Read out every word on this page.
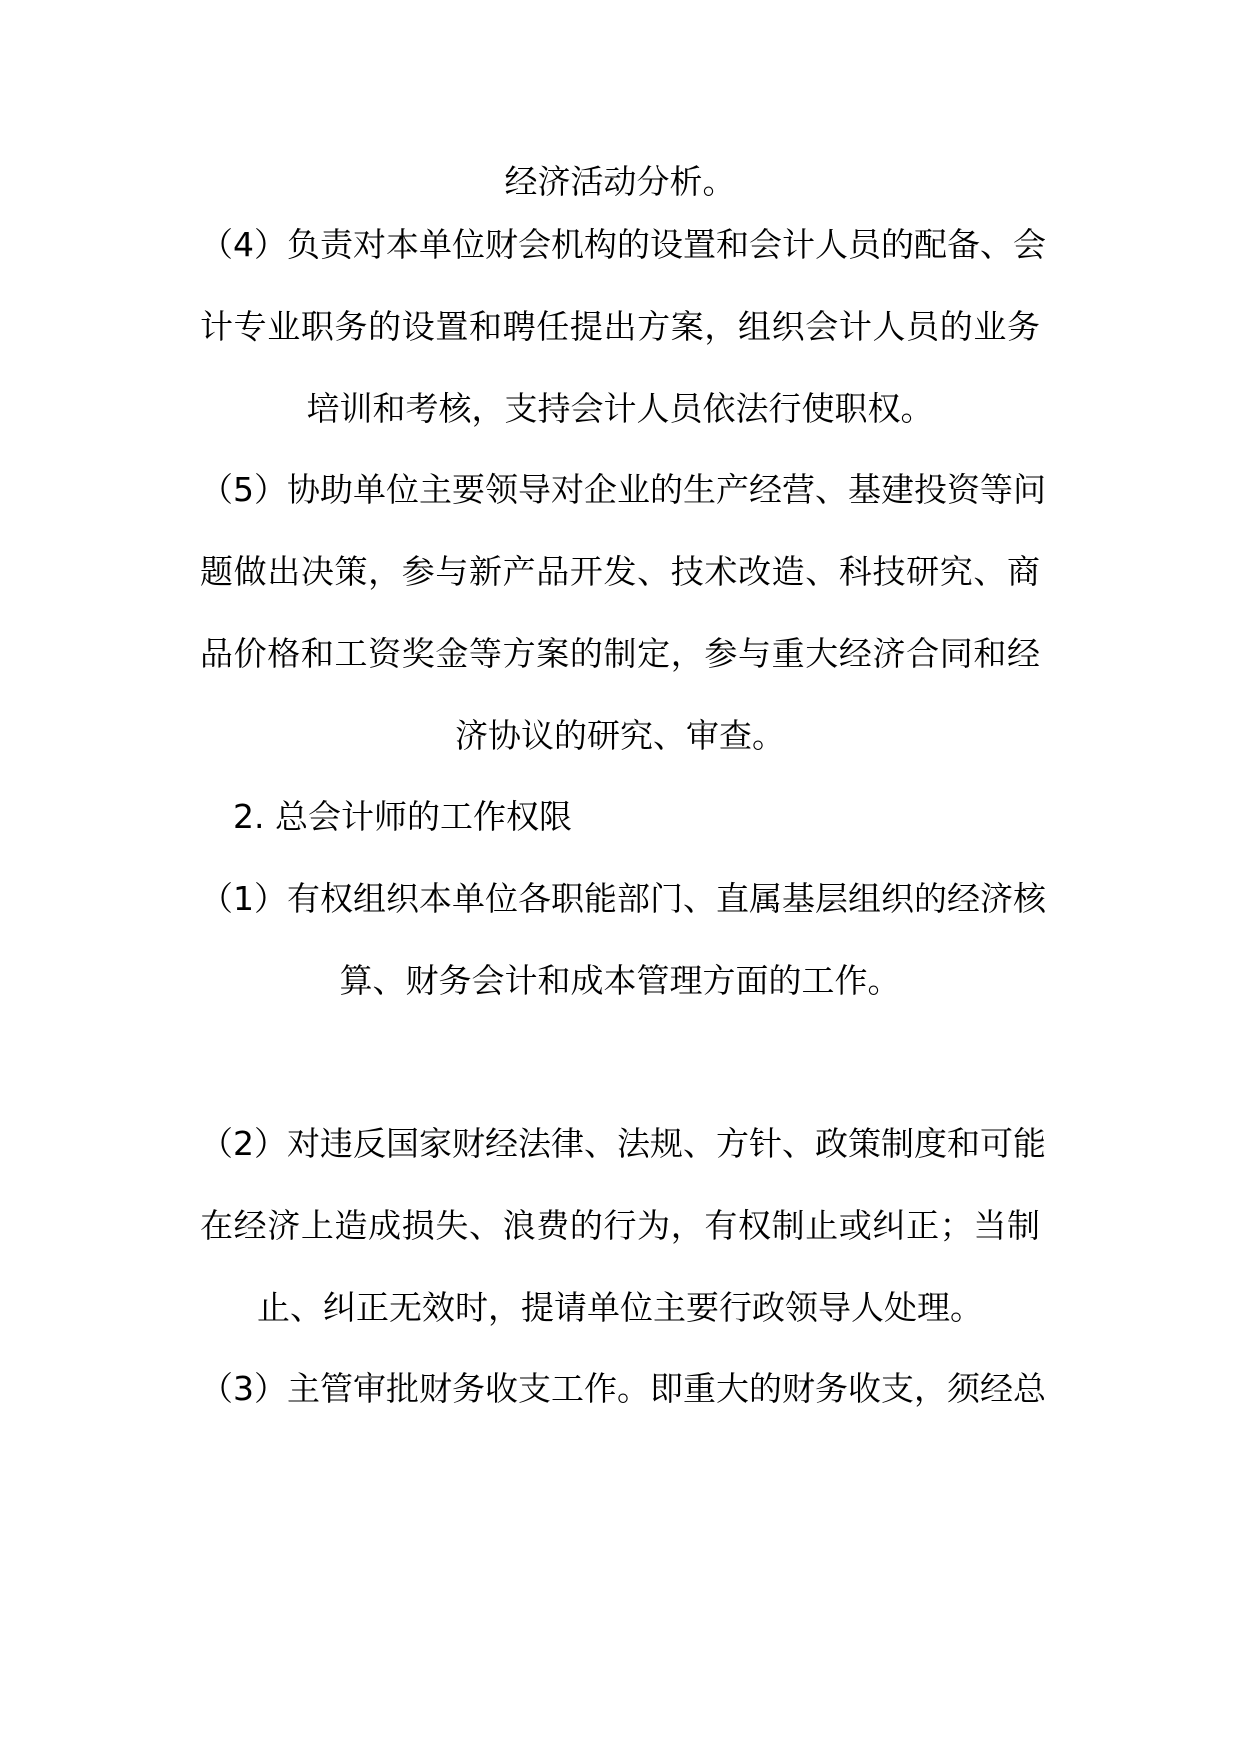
经济活动分析。
（4）负责对本单位财会机构的设置和会计人员的配备、会
计专业职务的设置和聘任提出方案，组织会计人员的业务
培训和考核，支持会计人员依法行使职权。
（5）协助单位主要领导对企业的生产经营、基建投资等问
题做出决策，参与新产品开发、技术改造、科技研究、商
品价格和工资奖金等方案的制定，参与重大经济合同和经
济协议的研究、审查。
2. 总会计师的工作权限
（1）有权组织本单位各职能部门、直属基层组织的经济核
算、财务会计和成本管理方面的工作。
（2）对违反国家财经法律、法规、方针、政策制度和可能
在经济上造成损失、浪费的行为，有权制止或纠正；当制
止、纠正无效时，提请单位主要行政领导人处理。
（3）主管审批财务收支工作。即重大的财务收支，须经总
